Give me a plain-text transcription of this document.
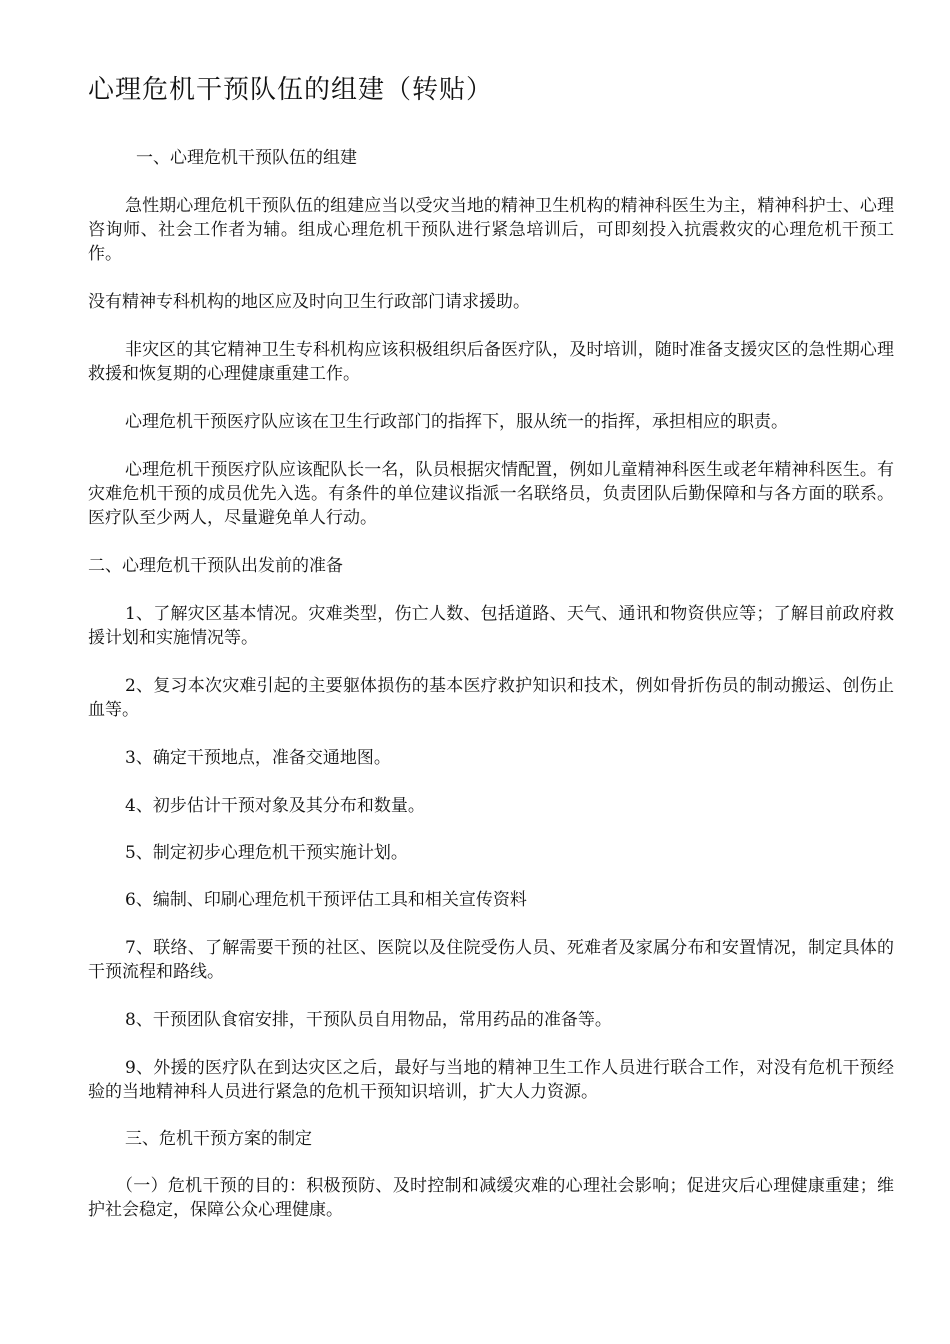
心理危机干预队伍的组建（转贴）
一、心理危机干预队伍的组建
急性期心理危机干预队伍的组建应当以受灾当地的精神卫生机构的精神科医生为主，精神科护士、心理咨询师、社会工作者为辅。组成心理危机干预队进行紧急培训后，可即刻投入抗震救灾的心理危机干预工作。
没有精神专科机构的地区应及时向卫生行政部门请求援助。
非灾区的其它精神卫生专科机构应该积极组织后备医疗队，及时培训，随时准备支援灾区的急性期心理救援和恢复期的心理健康重建工作。
心理危机干预医疗队应该在卫生行政部门的指挥下，服从统一的指挥，承担相应的职责。
心理危机干预医疗队应该配队长一名，队员根据灾情配置，例如儿童精神科医生或老年精神科医生。有灾难危机干预的成员优先入选。有条件的单位建议指派一名联络员，负责团队后勤保障和与各方面的联系。医疗队至少两人，尽量避免单人行动。
二、心理危机干预队出发前的准备
1、了解灾区基本情况。灾难类型，伤亡人数、包括道路、天气、通讯和物资供应等；了解目前政府救援计划和实施情况等。
2、复习本次灾难引起的主要躯体损伤的基本医疗救护知识和技术，例如骨折伤员的制动搬运、创伤止血等。
3、确定干预地点，准备交通地图。
4、初步估计干预对象及其分布和数量。
5、制定初步心理危机干预实施计划。
6、编制、印刷心理危机干预评估工具和相关宣传资料
7、联络、了解需要干预的社区、医院以及住院受伤人员、死难者及家属分布和安置情况，制定具体的干预流程和路线。
8、干预团队食宿安排，干预队员自用物品，常用药品的准备等。
9、外援的医疗队在到达灾区之后，最好与当地的精神卫生工作人员进行联合工作，对没有危机干预经验的当地精神科人员进行紧急的危机干预知识培训，扩大人力资源。
三、危机干预方案的制定
（一）危机干预的目的：积极预防、及时控制和减缓灾难的心理社会影响；促进灾后心理健康重建；维护社会稳定，保障公众心理健康。
